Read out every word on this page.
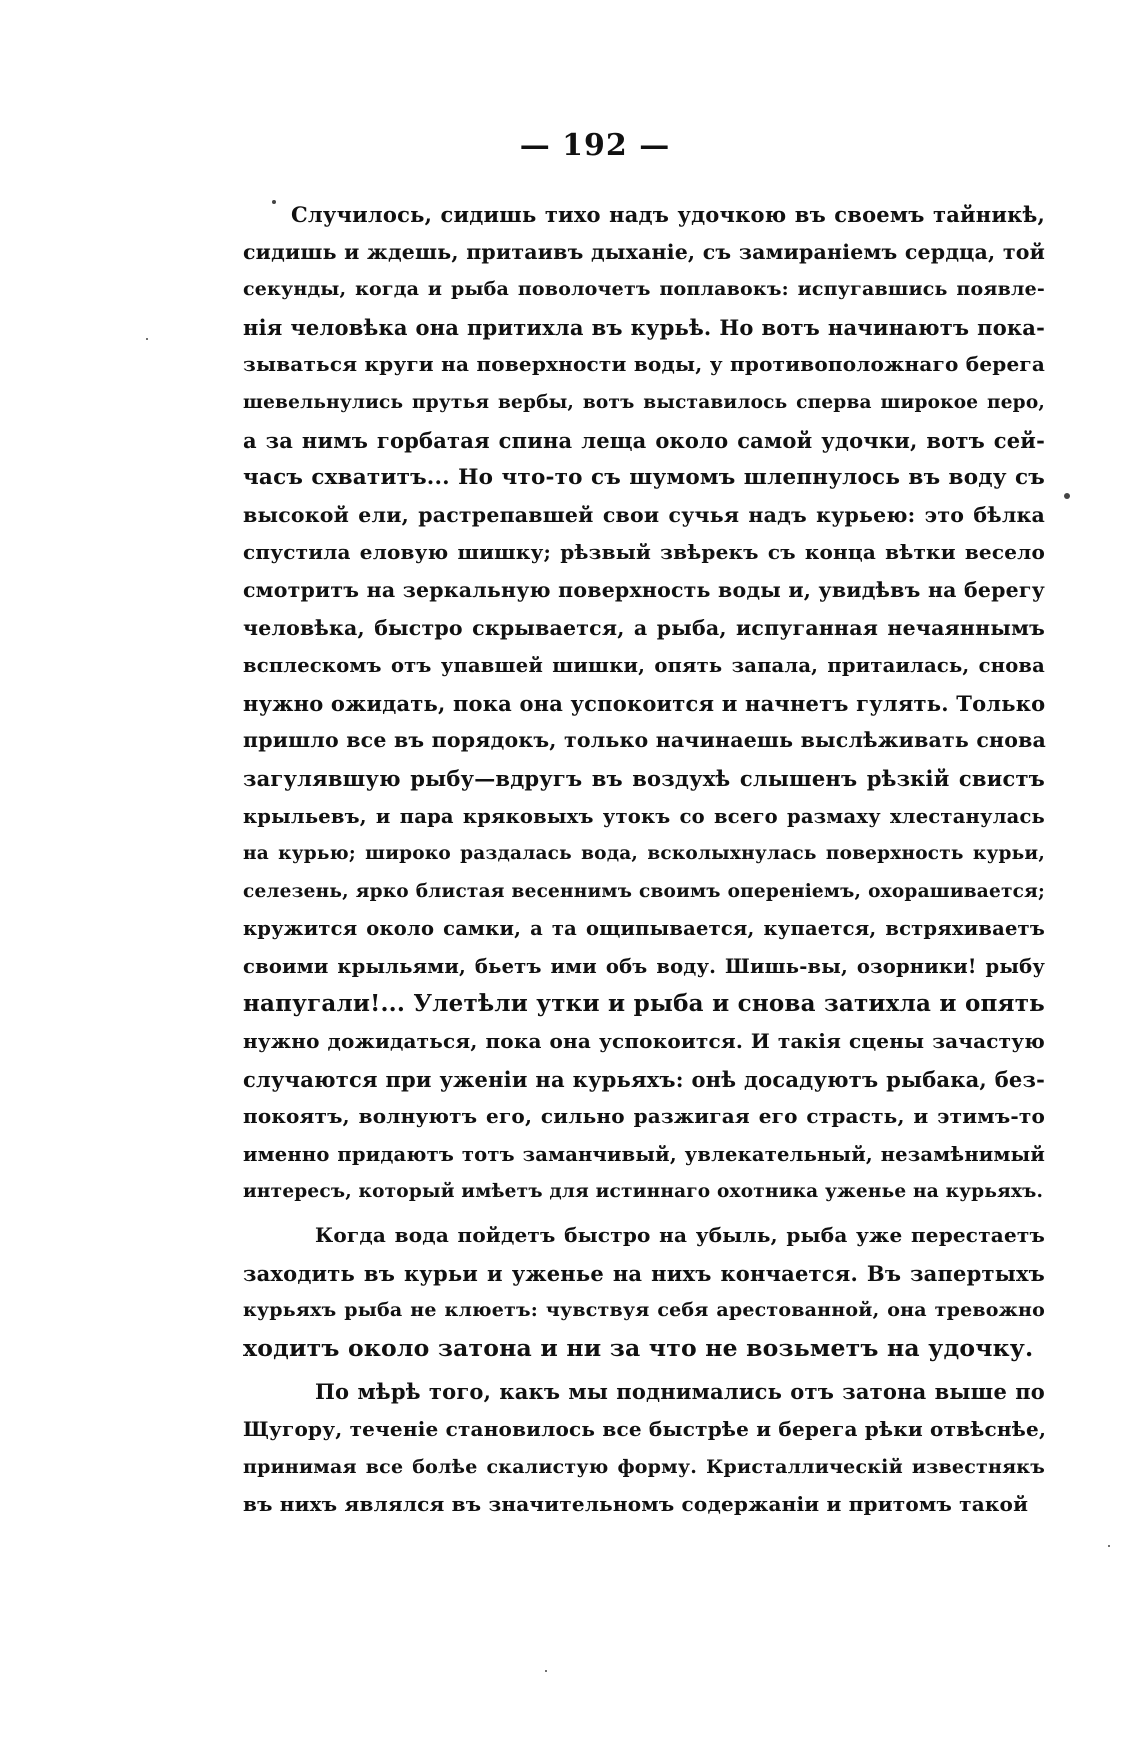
— 192 —
Случилось, сидишь тихо надъ удочкою въ своемъ тайникѣ,
сидишь и ждешь, притаивъ дыханіе, съ замираніемъ сердца, той
секунды, когда и рыба поволочетъ поплавокъ: испугавшись появле-
нія человѣка она притихла въ курьѣ. Но вотъ начинаютъ пока-
зываться круги на поверхности воды, у противоположнаго берега
шевельнулись прутья вербы, вотъ выставилось сперва широкое перо,
а за нимъ горбатая спина леща около самой удочки, вотъ сей-
часъ схватитъ... Но что-то съ шумомъ шлепнулось въ воду съ
высокой ели, растрепавшей свои сучья надъ курьею: это бѣлка
спустила еловую шишку; рѣзвый звѣрекъ съ конца вѣтки весело
смотритъ на зеркальную поверхность воды и, увидѣвъ на берегу
человѣка, быстро скрывается, а рыба, испуганная нечаяннымъ
всплескомъ отъ упавшей шишки, опять запала, притаилась, снова
нужно ожидать, пока она успокоится и начнетъ гулять. Только
пришло все въ порядокъ, только начинаешь выслѣживать снова
загулявшую рыбу—вдругъ въ воздухѣ слышенъ рѣзкій свистъ
крыльевъ, и пара кряковыхъ утокъ со всего размаху хлестанулась
на курью; широко раздалась вода, всколыхнулась поверхность курьи,
селезень, ярко блистая весеннимъ своимъ опереніемъ, охорашивается;
кружится около самки, а та ощипывается, купается, встряхиваетъ
своими крыльями, бьетъ ими объ воду. Шишь-вы, озорники! рыбу
напугали!... Улетѣли утки и рыба и снова затихла и опять
нужно дожидаться, пока она успокоится. И такія сцены зачастую
случаются при уженіи на курьяхъ: онѣ досадуютъ рыбака, без-
покоятъ, волнуютъ его, сильно разжигая его страсть, и этимъ-то
именно придаютъ тотъ заманчивый, увлекательный, незамѣнимый
интересъ, который имѣетъ для истиннаго охотника уженье на курьяхъ.
Когда вода пойдетъ быстро на убыль, рыба уже перестаетъ
заходить въ курьи и уженье на нихъ кончается. Въ запертыхъ
курьяхъ рыба не клюетъ: чувствуя себя арестованной, она тревожно
ходитъ около затона и ни за что не возьметъ на удочку.
По мѣрѣ того, какъ мы поднимались отъ затона выше по
Щугору, теченіе становилось все быстрѣе и берега рѣки отвѣснѣе,
принимая все болѣе скалистую форму. Кристаллическій известнякъ
въ нихъ являлся въ значительномъ содержаніи и притомъ такой
